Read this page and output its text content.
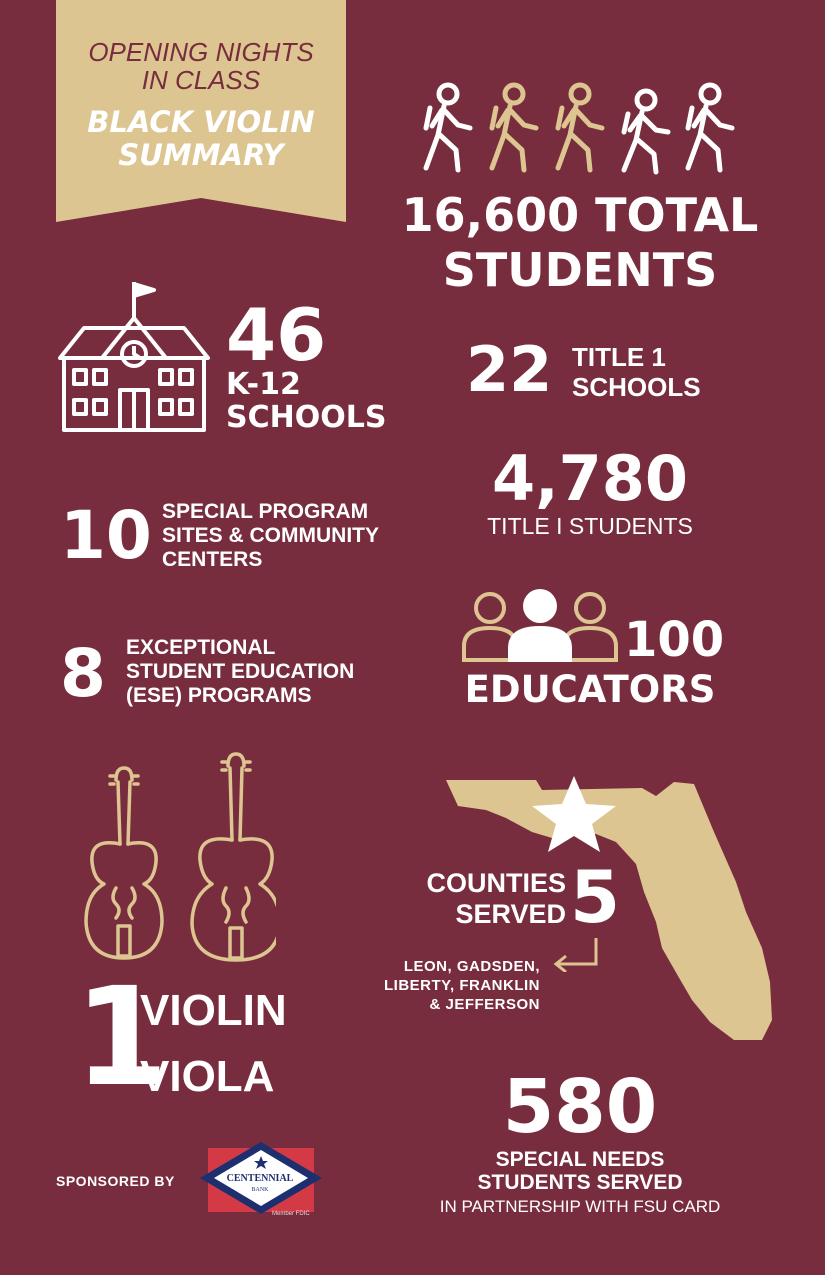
OPENING NIGHTS
IN CLASS
BLACK VIOLIN
SUMMARY
16,600 TOTAL
STUDENTS
46
K-12
SCHOOLS
22 TITLE 1
SCHOOLS
4,780
TITLE I STUDENTS
10 SPECIAL PROGRAM
SITES & COMMUNITY
CENTERS
8 EXCEPTIONAL
STUDENT EDUCATION
(ESE) PROGRAMS
100
EDUCATORS
1
VIOLIN
VIOLA
COUNTIES
SERVED 5
LEON, GADSDEN,
LIBERTY, FRANKLIN
& JEFFERSON
580
SPECIAL NEEDS
STUDENTS SERVED
IN PARTNERSHIP WITH FSU CARD
SPONSORED BY	CENTENNIAL
BANK
Member FDIC
